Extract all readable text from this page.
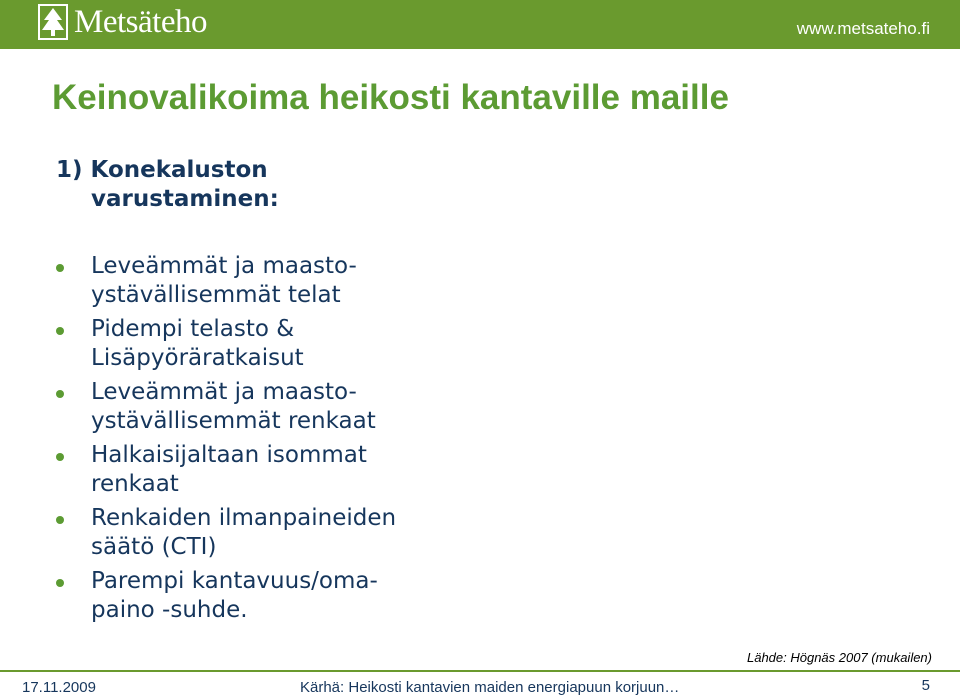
Metsäteho	www.metsateho.fi
Keinovalikoima heikosti kantaville maille
1) Konekaluston
varustaminen:
Leveämmät ja maasto-
ystävällisemmät telat
Pidempi telasto &
Lisäpyöräratkaisut
Leveämmät ja maasto-
ystävällisemmät renkaat
Halkaisijaltaan isommat
renkaat
Renkaiden ilmanpaineiden
säätö (CTI)
Parempi kantavuus/oma-
paino -suhde.
Lähde: Högnäs 2007 (mukailen)
17.11.2009	Kärhä: Heikosti kantavien maiden energiapuun korjuun…	5
